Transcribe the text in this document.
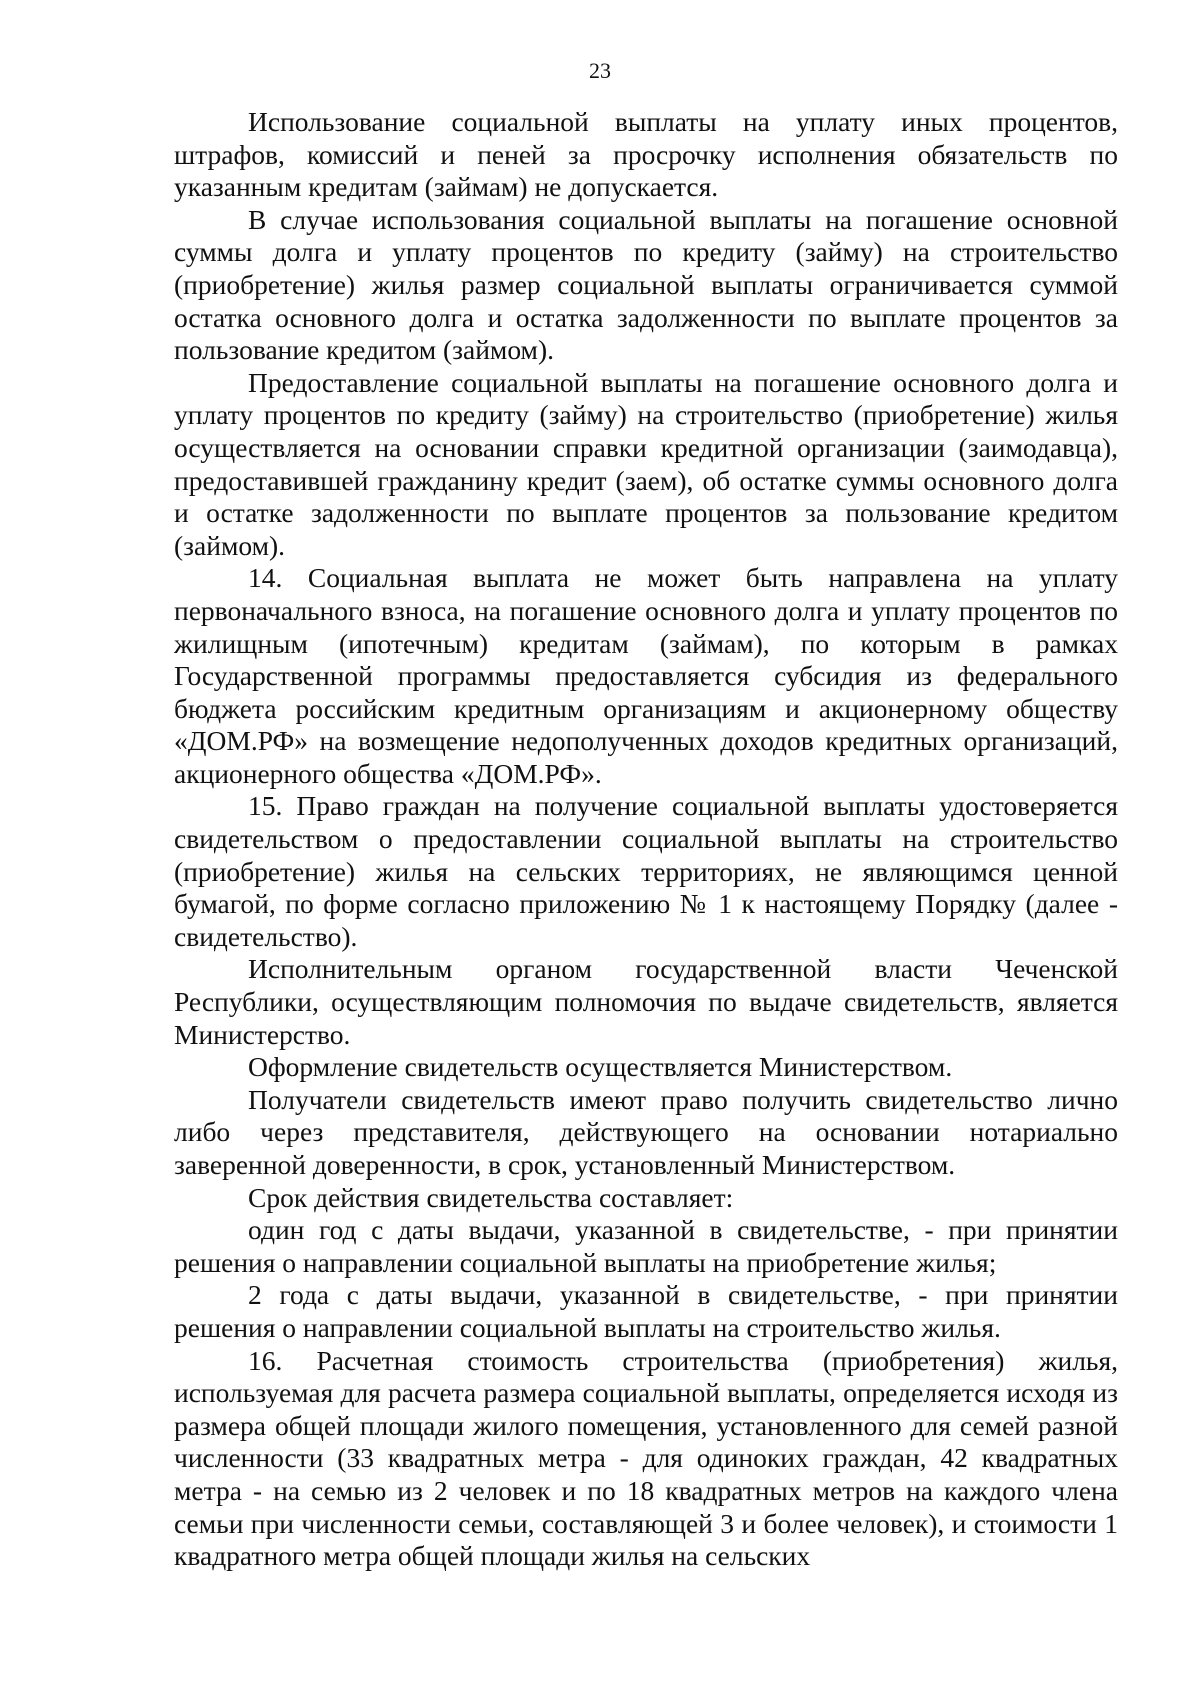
23

Использование социальной выплаты на уплату иных процентов, штрафов, комиссий и пеней за просрочку исполнения обязательств по указанным кредитам (займам) не допускается.

В случае использования социальной выплаты на погашение основной суммы долга и уплату процентов по кредиту (займу) на строительство (приобретение) жилья размер социальной выплаты ограничивается суммой остатка основного долга и остатка задолженности по выплате процентов за пользование кредитом (займом).

Предоставление социальной выплаты на погашение основного долга и уплату процентов по кредиту (займу) на строительство (приобретение) жилья осуществляется на основании справки кредитной организации (заимодавца), предоставившей гражданину кредит (заем), об остатке суммы основного долга и остатке задолженности по выплате процентов за пользование кредитом (займом).

14. Социальная выплата не может быть направлена на уплату первоначального взноса, на погашение основного долга и уплату процентов по жилищным (ипотечным) кредитам (займам), по которым в рамках Государственной программы предоставляется субсидия из федерального бюджета российским кредитным организациям и акционерному обществу «ДОМ.РФ» на возмещение недополученных доходов кредитных организаций, акционерного общества «ДОМ.РФ».

15. Право граждан на получение социальной выплаты удостоверяется свидетельством о предоставлении социальной выплаты на строительство (приобретение) жилья на сельских территориях, не являющимся ценной бумагой, по форме согласно приложению № 1 к настоящему Порядку (далее - свидетельство).

Исполнительным органом государственной власти Чеченской Республики, осуществляющим полномочия по выдаче свидетельств, является Министерство.

Оформление свидетельств осуществляется Министерством.

Получатели свидетельств имеют право получить свидетельство лично либо через представителя, действующего на основании нотариально заверенной доверенности, в срок, установленный Министерством.

Срок действия свидетельства составляет:

один год с даты выдачи, указанной в свидетельстве, - при принятии решения о направлении социальной выплаты на приобретение жилья;

2 года с даты выдачи, указанной в свидетельстве, - при принятии решения о направлении социальной выплаты на строительство жилья.

16. Расчетная стоимость строительства (приобретения) жилья, используемая для расчета размера социальной выплаты, определяется исходя из размера общей площади жилого помещения, установленного для семей разной численности (33 квадратных метра - для одиноких граждан, 42 квадратных метра - на семью из 2 человек и по 18 квадратных метров на каждого члена семьи при численности семьи, составляющей 3 и более человек), и стоимости 1 квадратного метра общей площади жилья на сельских
